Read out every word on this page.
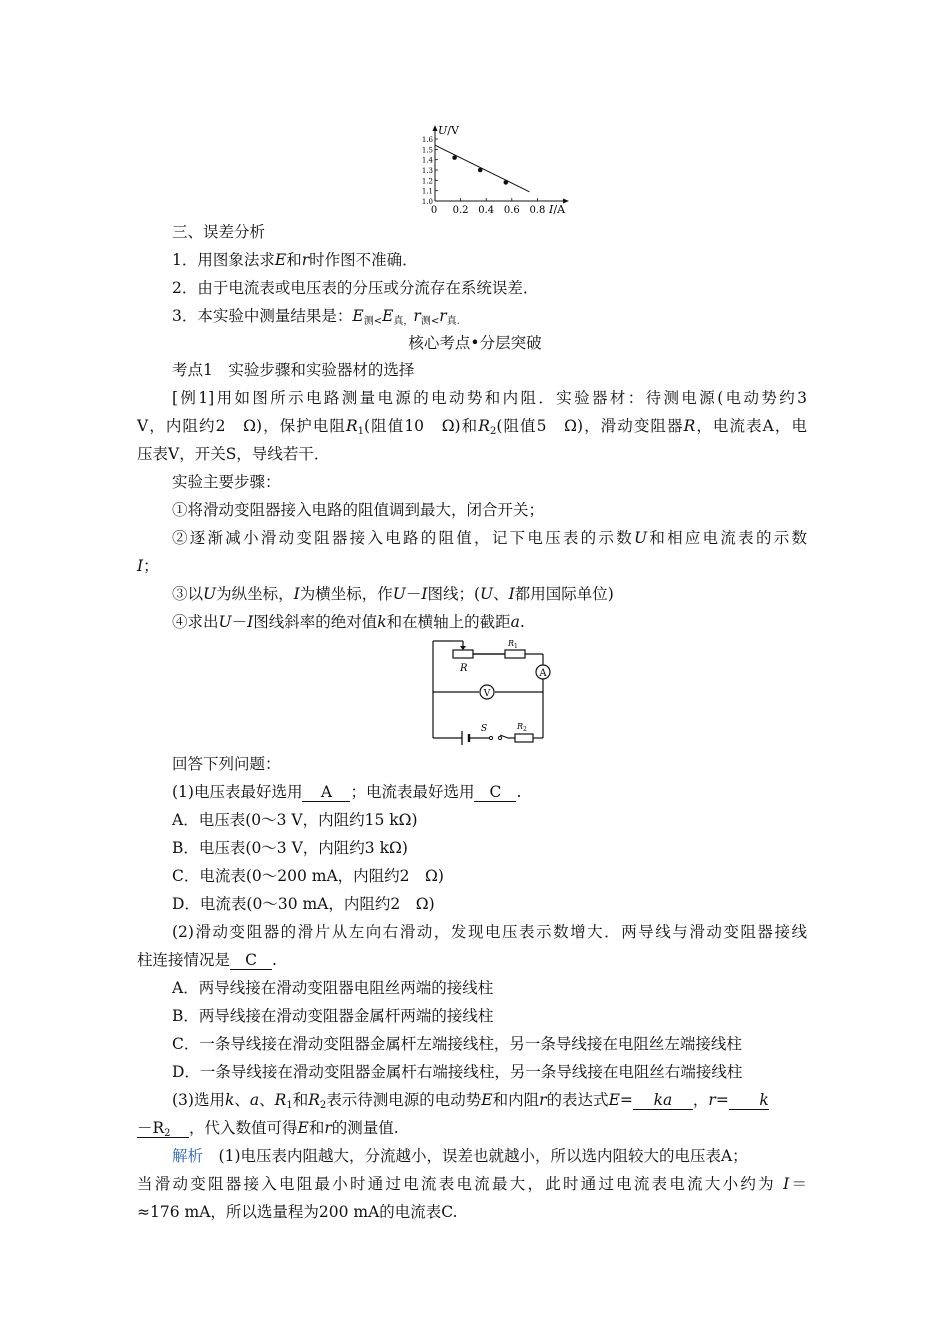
U/V
1.0
1.1
1.2
1.3
1.4
1.5
1.6
0 0.2 0.4 0.6 0.8 I/A
三、误差分析
1．用图象法求E和r时作图不准确．
2．由于电流表或电压表的分压或分流存在系统误差．
3．本实验中测量结果是：$E_{测<}E_{真,}r_{测<}r_{真.}$
核心考点•分层突破
考点1　实验步骤和实验器材的选择
[例1]用如图所示电路测量电源的电动势和内阻．实验器材：待测电源(电动势约3
V，内阻约2　Ω)，保护电阻$R_1$(阻值10　Ω)和$R_2$(阻值5　Ω)，滑动变阻器R，电流表A，电
压表V，开关S，导线若干．
实验主要步骤：
①将滑动变阻器接入电路的阻值调到最大，闭合开关；
②逐渐减小滑动变阻器接入电路的阻值，记下电压表的示数U和相应电流表的示数
I；
③以U为纵坐标，I为横坐标，作U－I图线；(U、I都用国际单位)
④求出U－I图线斜率的绝对值k和在横轴上的截距a.
A
V
R
$R_1$
S	$R_2$
回答下列问题：
(1)电压表最好选用 A ；电流表最好选用 C .
A．电压表(0～3 V，内阻约15 kΩ)
B．电压表(0～3 V，内阻约3 kΩ)
C．电流表(0～200 mA，内阻约2　Ω)
D．电流表(0～30 mA，内阻约2　Ω)
(2)滑动变阻器的滑片从左向右滑动，发现电压表示数增大．两导线与滑动变阻器接线
柱连接情况是 C .
A．两导线接在滑动变阻器电阻丝两端的接线柱
B．两导线接在滑动变阻器金属杆两端的接线柱
C．一条导线接在滑动变阻器金属杆左端接线柱，另一条导线接在电阻丝左端接线柱
D．一条导线接在滑动变阻器金属杆右端接线柱，另一条导线接在电阻丝右端接线柱
(3)选用k、a、$R_1$和$R_2$表示待测电源的电动势E和内阻r的表达式E= ka ，r= k
$-R_2$ ，代入数值可得E和r的测量值.
解析　 (1)电压表内阻越大，分流越小，误差也就越小，所以选内阻较大的电压表A；
当滑动变阻器接入电阻最小时通过电流表电流最大，此时通过电流表电流大小约为 I＝
≈176 mA，所以选量程为200 mA的电流表C.
